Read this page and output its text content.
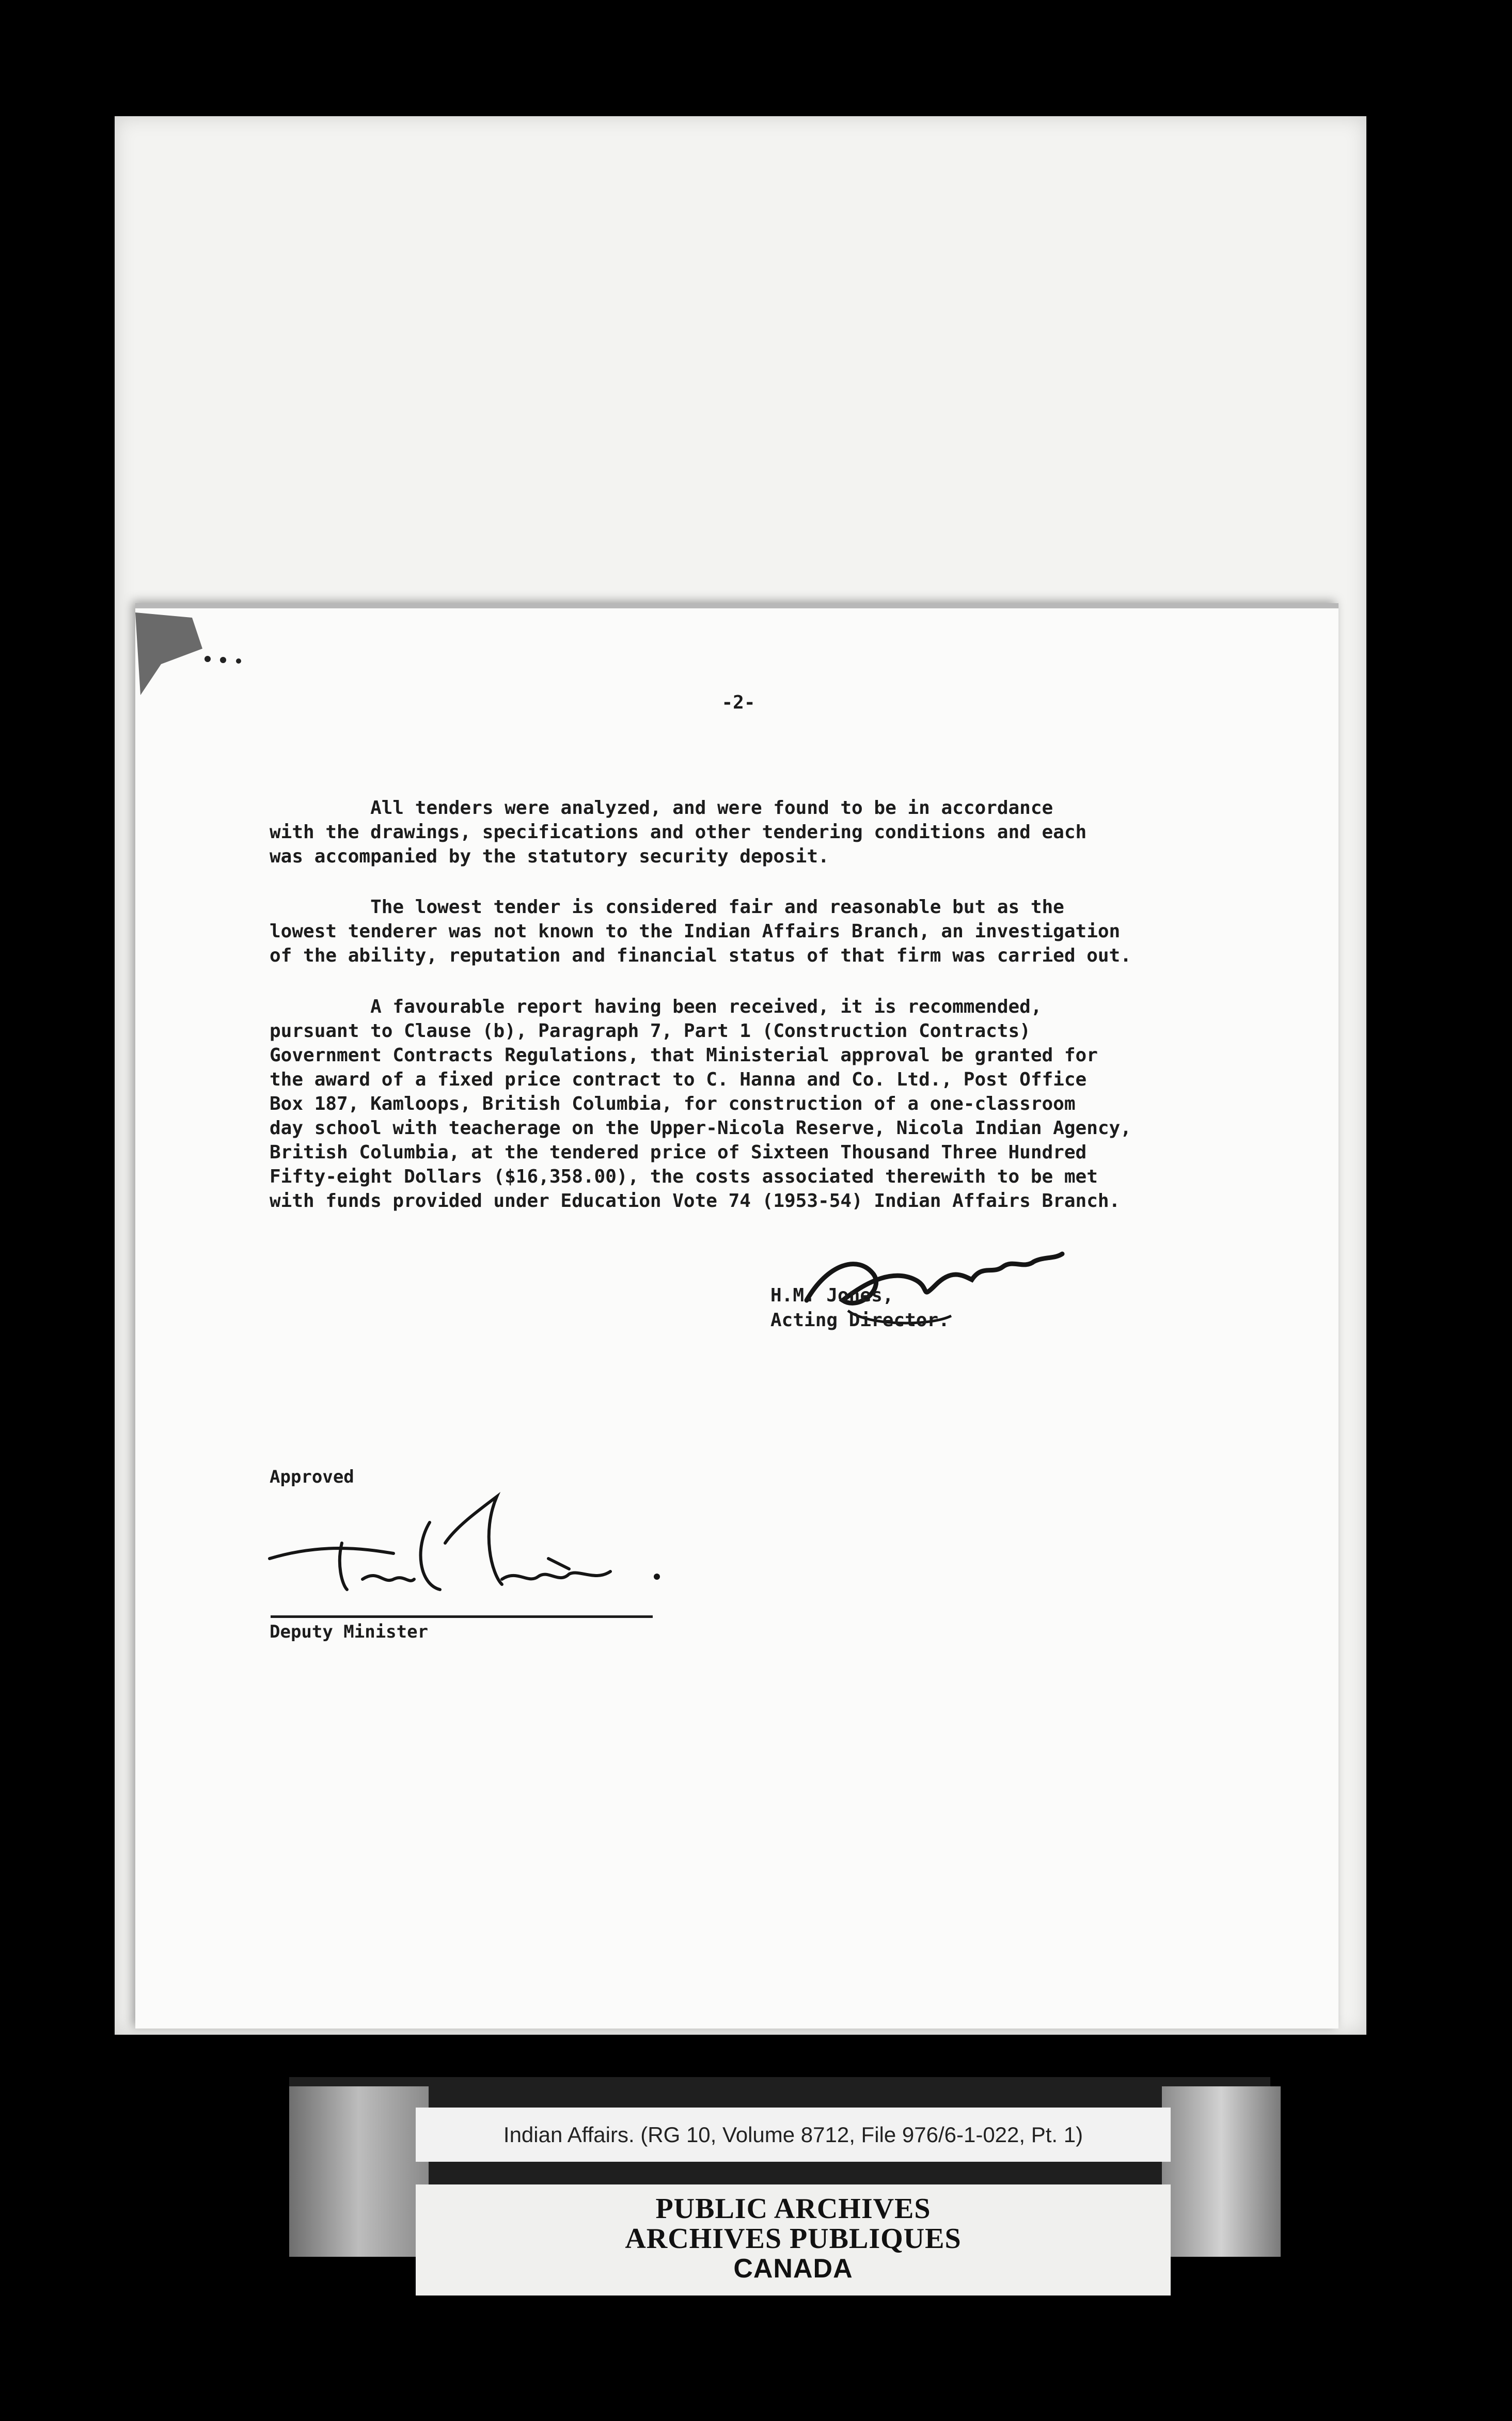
-2-

All tenders were analyzed, and were found to be in accordance
with the drawings, specifications and other tendering conditions and each
was accompanied by the statutory security deposit.

The lowest tender is considered fair and reasonable but as the
lowest tenderer was not known to the Indian Affairs Branch, an investigation
of the ability, reputation and financial status of that firm was carried out.

A favourable report having been received, it is recommended,
pursuant to Clause (b), Paragraph 7, Part 1 (Construction Contracts)
Government Contracts Regulations, that Ministerial approval be granted for
the award of a fixed price contract to C. Hanna and Co. Ltd., Post Office
Box 187, Kamloops, British Columbia, for construction of a one-classroom
day school with teacherage on the Upper-Nicola Reserve, Nicola Indian Agency,
British Columbia, at the tendered price of Sixteen Thousand Three Hundred
Fifty-eight Dollars ($16,358.00), the costs associated therewith to be met
with funds provided under Education Vote 74 (1953-54) Indian Affairs Branch.

H.M. Jones,
Acting Director.
Approved
Deputy Minister
Indian Affairs. (RG 10, Volume 8712, File 976/6-1-022, Pt. 1)
PUBLIC ARCHIVES
ARCHIVES PUBLIQUES
CANADA
